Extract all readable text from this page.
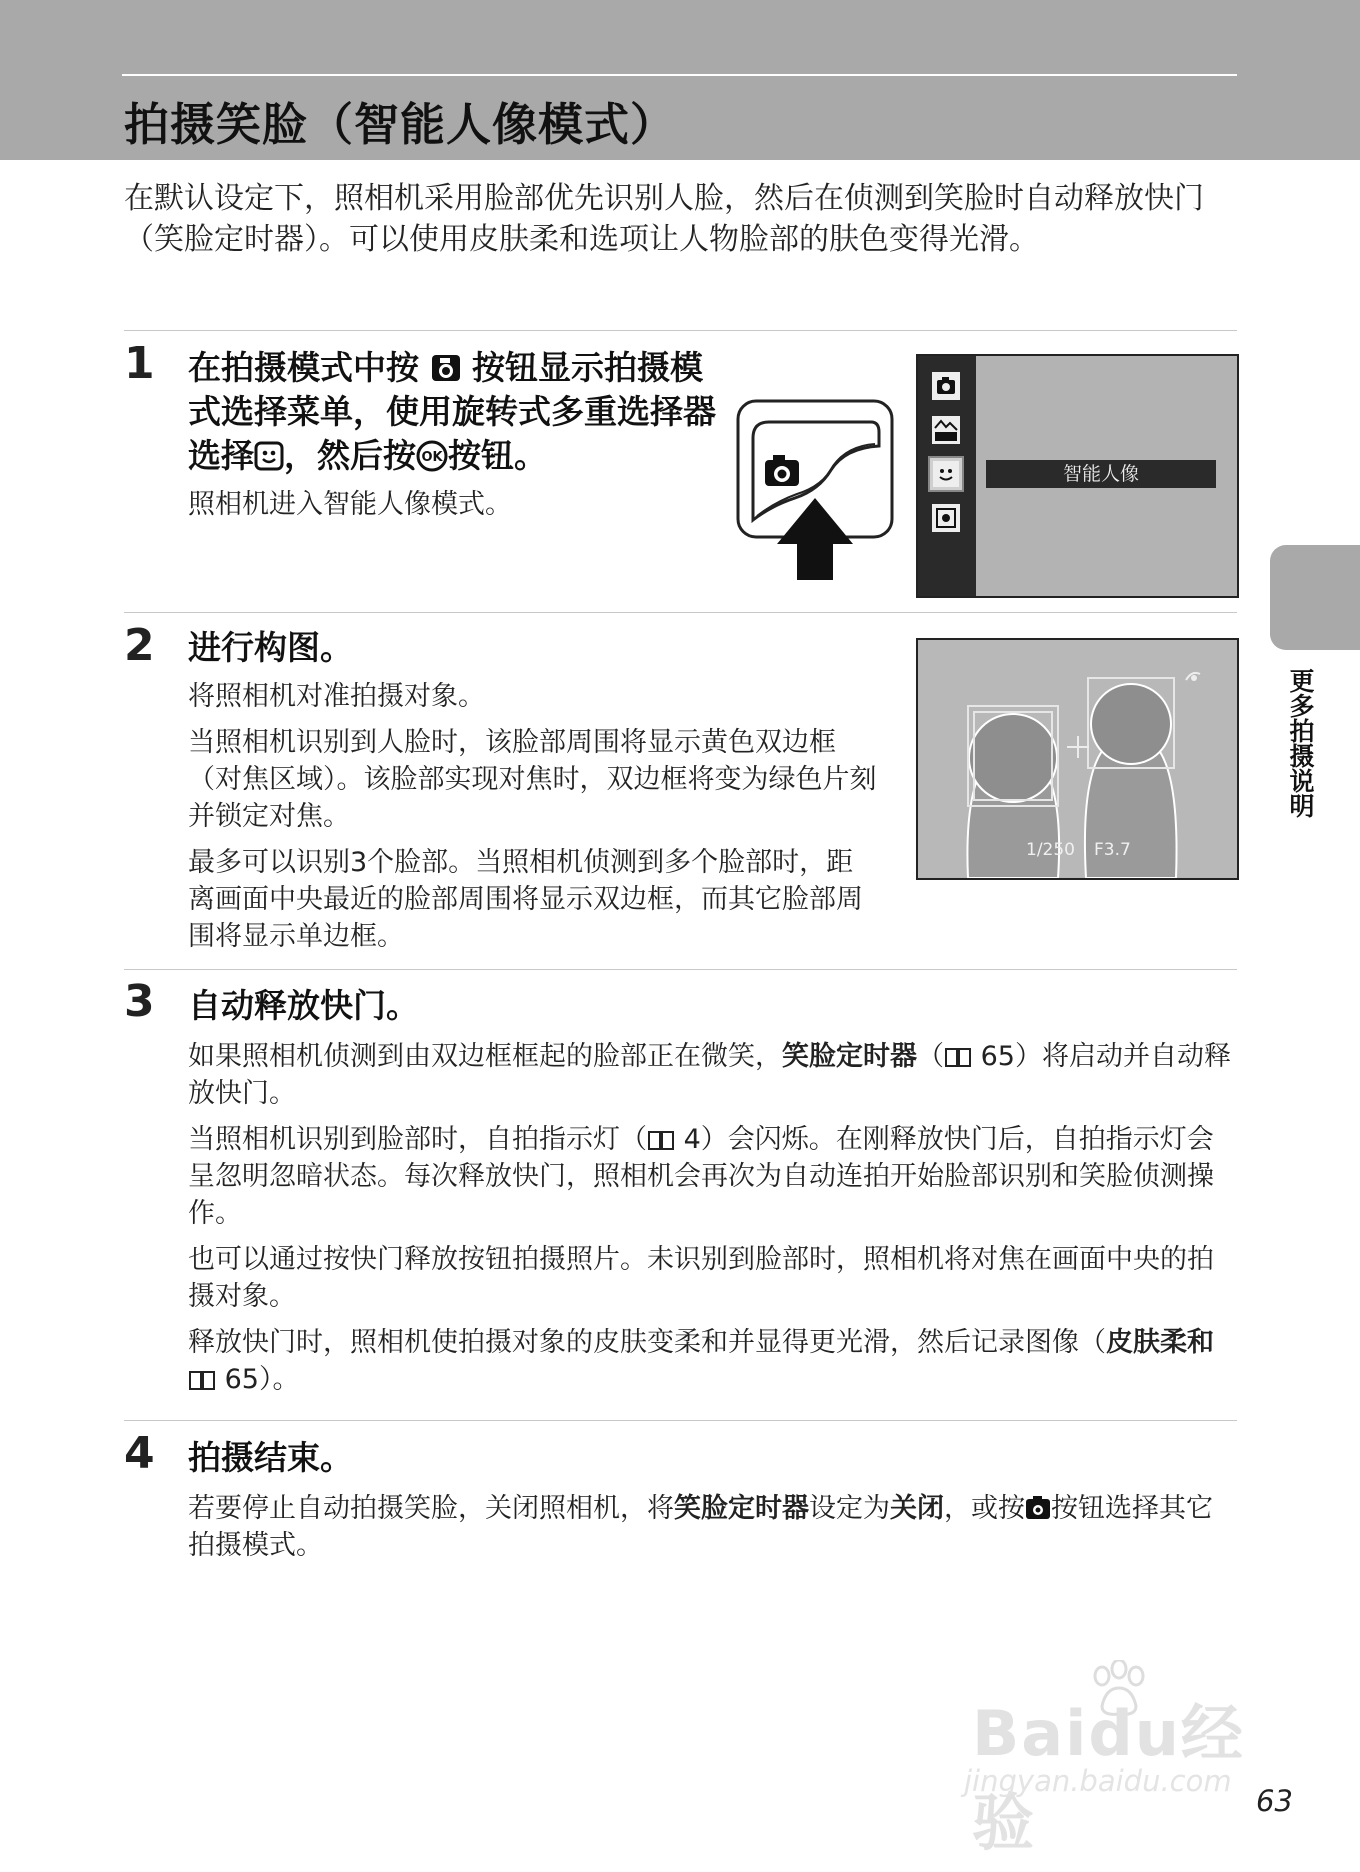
拍摄笑脸（智能人像模式）
在默认设定下，照相机采用脸部优先识别人脸，然后在侦测到笑脸时自动释放快门（笑脸定时器）。可以使用皮肤柔和选项让人物脸部的肤色变得光滑。
1 在拍摄模式中按 按钮显示拍摄模式选择菜单，使用旋转式多重选择器选择 ，然后按 OK 按钮。
照相机进入智能人像模式。
智能人像
2 进行构图。
将照相机对准拍摄对象。
当照相机识别到人脸时，该脸部周围将显示黄色双边框（对焦区域）。该脸部实现对焦时，双边框将变为绿色片刻并锁定对焦。
最多可以识别3个脸部。当照相机侦测到多个脸部时，距离画面中央最近的脸部周围将显示双边框，而其它脸部周围将显示单边框。
1/250 F3.7
3 自动释放快门。
如果照相机侦测到由双边框框起的脸部正在微笑，笑脸定时器（ 65）将启动并自动释放快门。
当照相机识别到脸部时，自拍指示灯（ 4）会闪烁。在刚释放快门后，自拍指示灯会呈忽明忽暗状态。每次释放快门，照相机会再次为自动连拍开始脸部识别和笑脸侦测操作。
也可以通过按快门释放按钮拍摄照片。未识别到脸部时，照相机将对焦在画面中央的拍摄对象。
释放快门时，照相机使拍摄对象的皮肤变柔和并显得更光滑，然后记录图像（皮肤柔和 65）。
4 拍摄结束。
若要停止自动拍摄笑脸，关闭照相机，将笑脸定时器设定为关闭，或按 按钮选择其它拍摄模式。
更多拍摄说明
Baidu经验
jingyan.baidu.com
63
